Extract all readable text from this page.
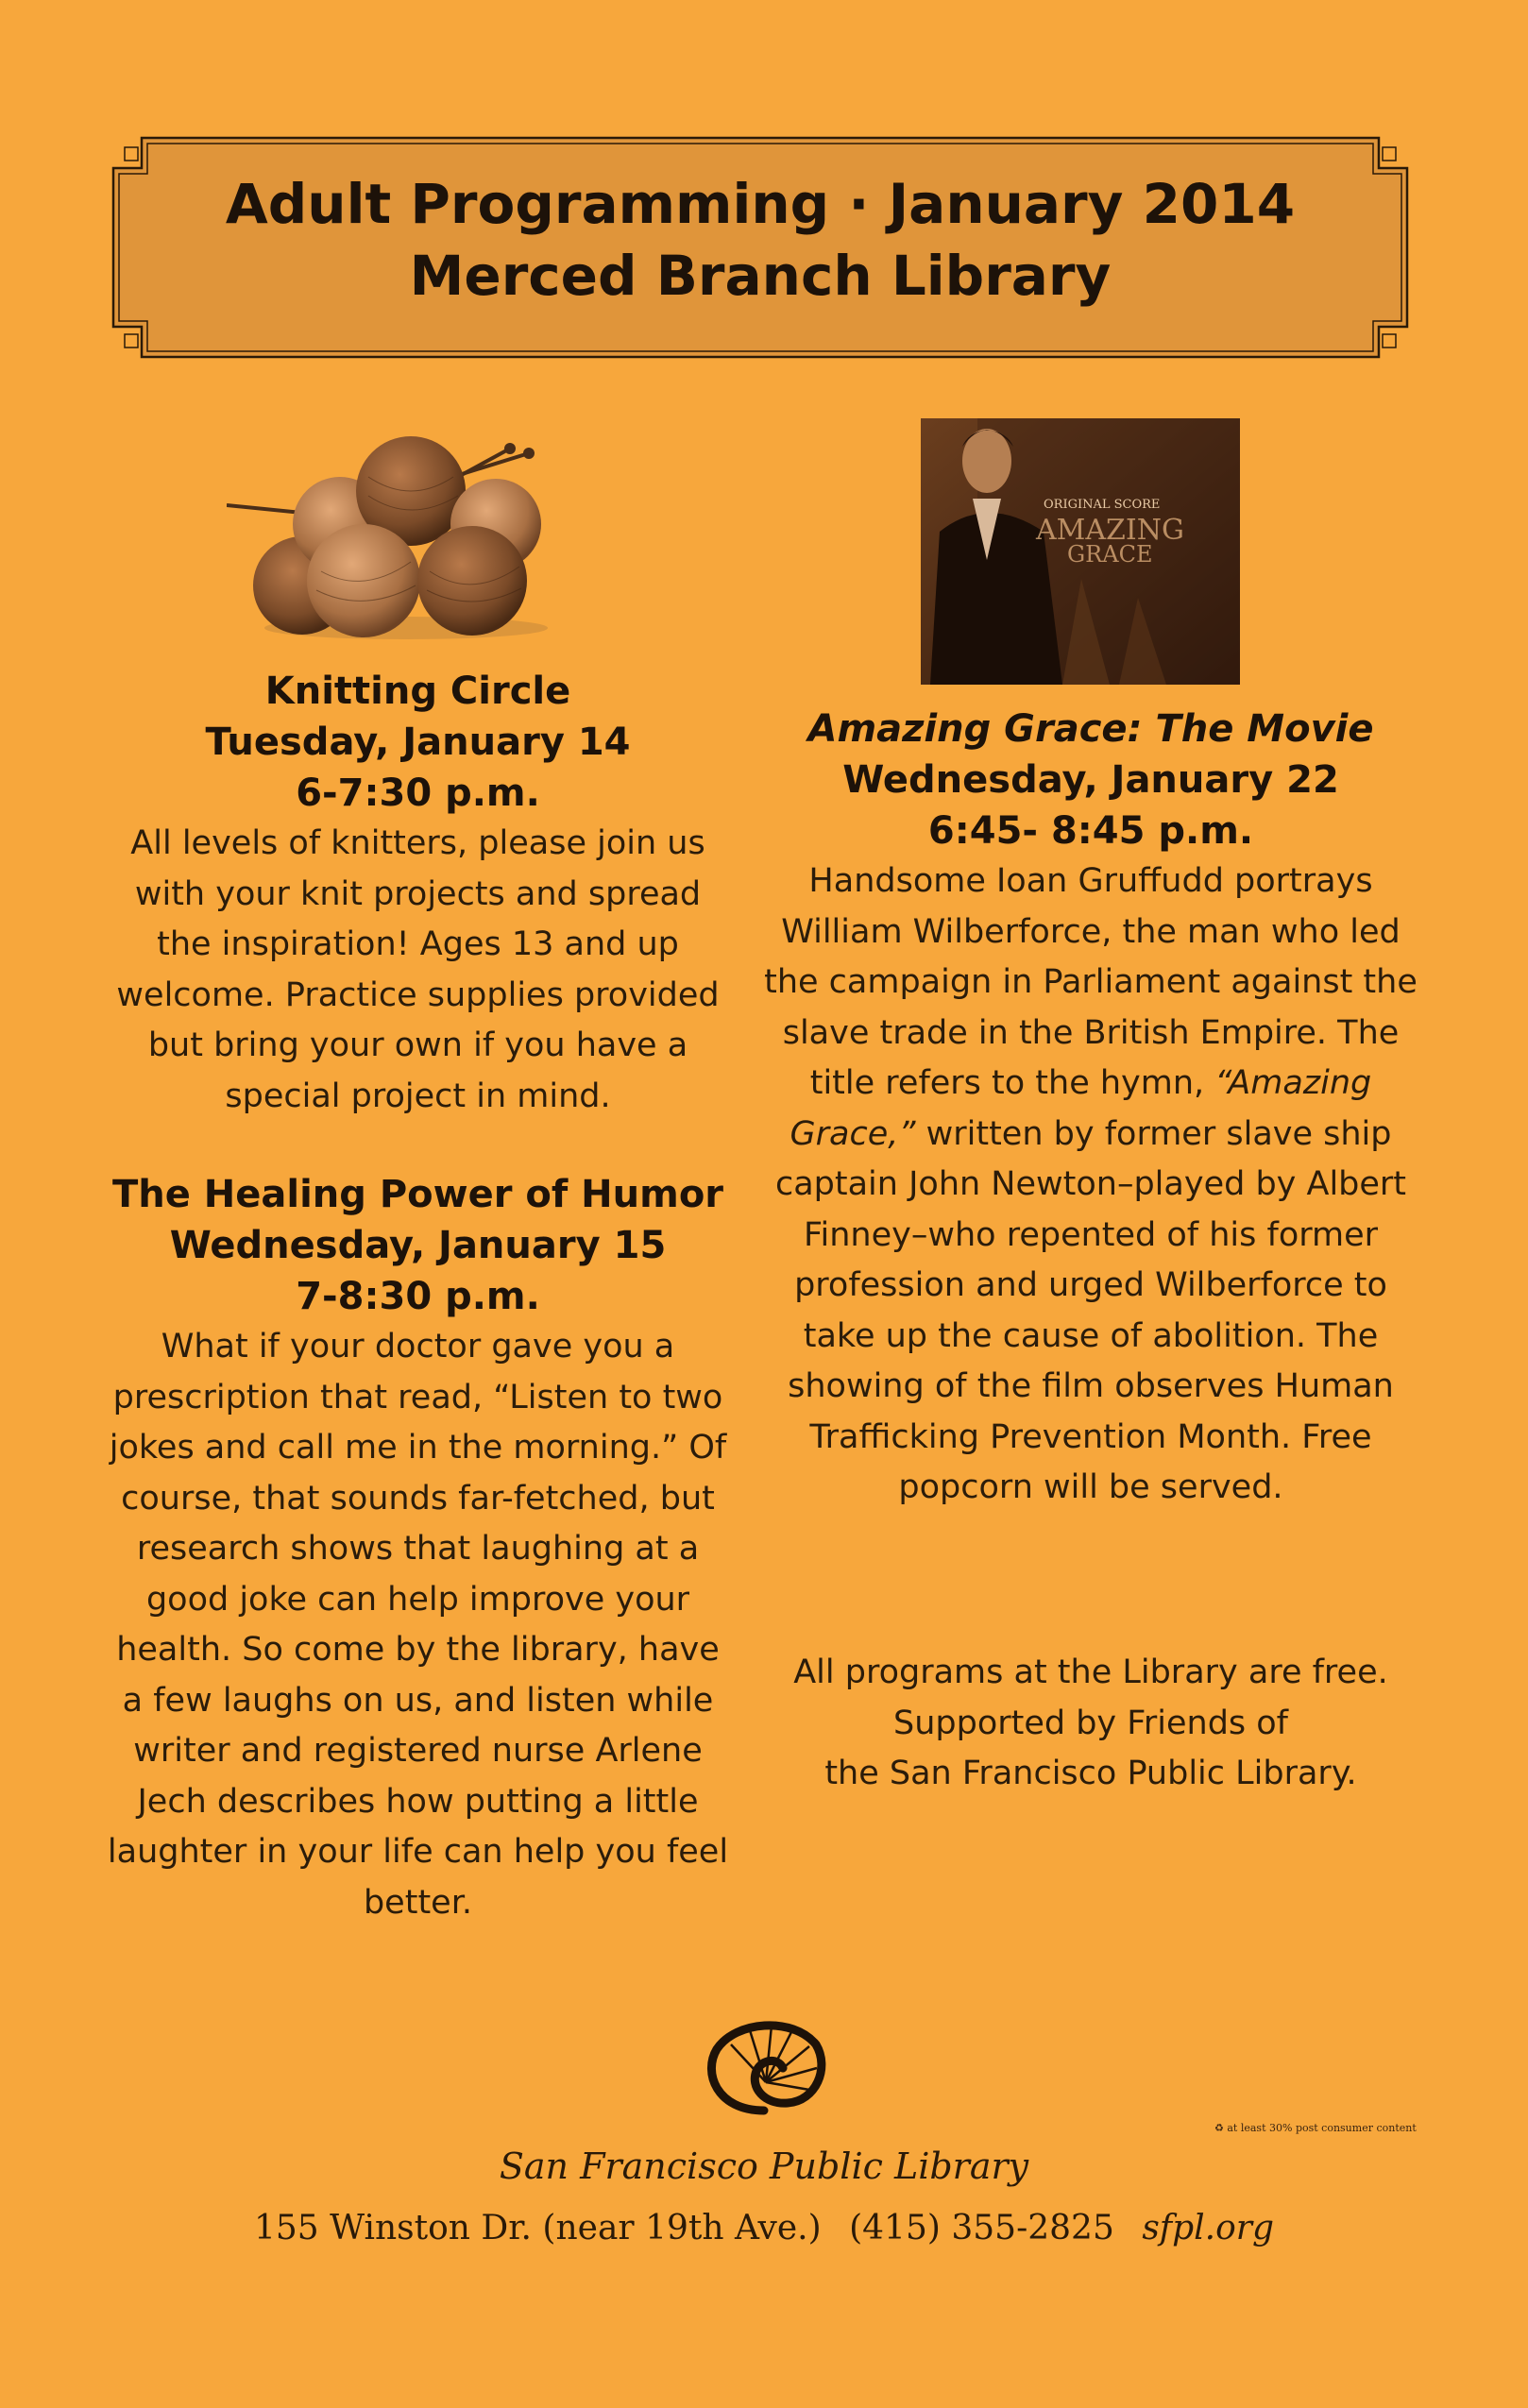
Adult Programming · January 2014
Merced Branch Library
ORIGINAL SCORE
AMAZING
GRACE

Knitting Circle

Tuesday, January 14

6-7:30 p.m.

All levels of knitters, please join us with your knit projects and spread the inspiration! Ages 13 and up welcome. Practice supplies provided but bring your own if you have a special project in mind.

The Healing Power of Humor

Wednesday, January 15

7-8:30 p.m.

What if your doctor gave you a prescription that read, “Listen to two jokes and call me in the morning.” Of course, that sounds far-fetched, but research shows that laughing at a good joke can help improve your health. So come by the library, have a few laughs on us, and listen while writer and registered nurse Arlene Jech describes how putting a little laughter in your life can help you feel better.

Amazing Grace: The Movie

Wednesday, January 22

6:45- 8:45 p.m.

Handsome Ioan Gruffudd portrays William Wilberforce, the man who led the campaign in Parliament against the slave trade in the British Empire. The title refers to the hymn, “Amazing Grace,” written by former slave ship captain John Newton–played by Albert Finney–who repented of his former profession and urged Wilberforce to take up the cause of abolition. The showing of the film observes Human Trafficking Prevention Month. Free popcorn will be served.

All programs at the Library are free.

Supported by Friends of

the San Francisco Public Library.

San Francisco Public Library
155 Winston Dr. (near 19th Ave.) (415) 355-2825 sfpl.org
♻ at least 30% post consumer content
